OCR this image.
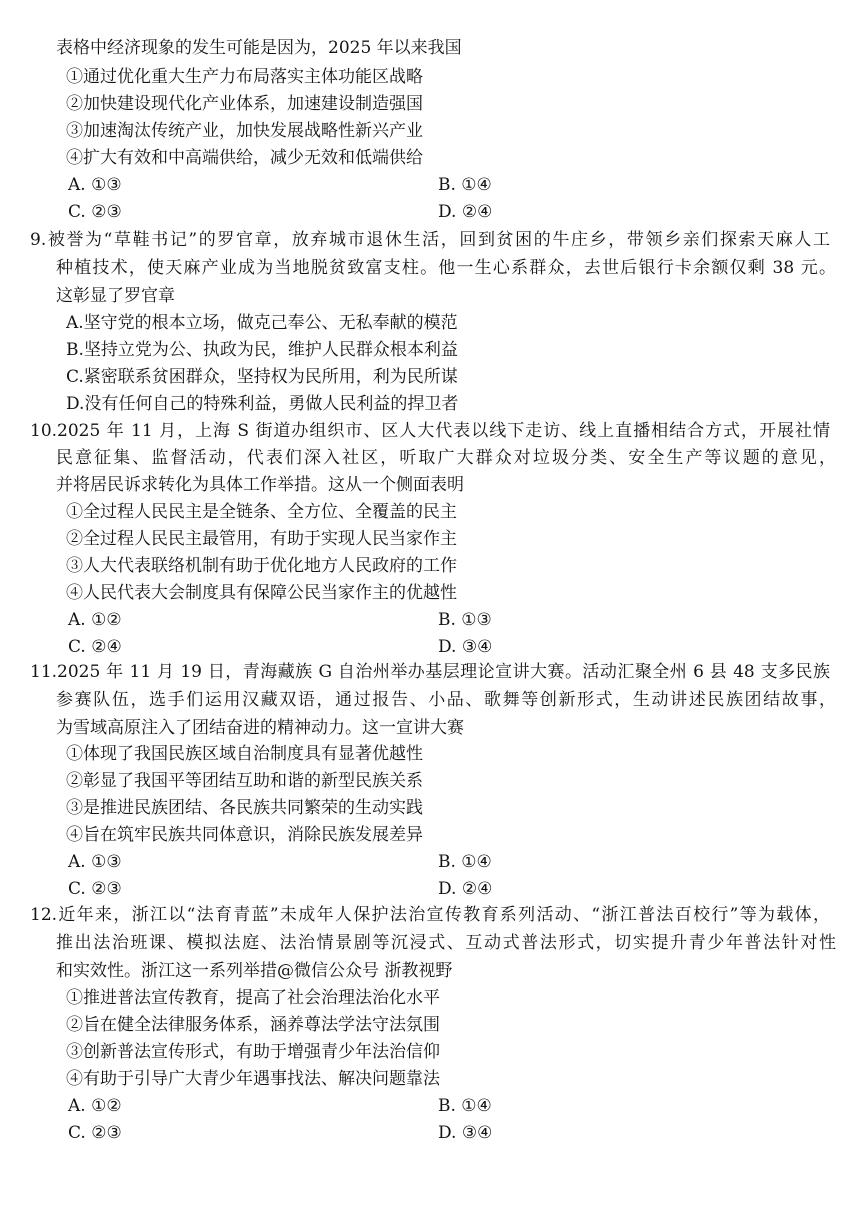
表格中经济现象的发生可能是因为，2025 年以来我国
①通过优化重大生产力布局落实主体功能区战略
②加快建设现代化产业体系，加速建设制造强国
③加速淘汰传统产业，加快发展战略性新兴产业
④扩大有效和中高端供给，减少无效和低端供给
A. ①③	B. ①④
C. ②③	D. ②④
9.被誉为“草鞋书记”的罗官章，放弃城市退休生活，回到贫困的牛庄乡，带领乡亲们探索天麻人工
种植技术，使天麻产业成为当地脱贫致富支柱。他一生心系群众，去世后银行卡余额仅剩 38 元。
这彰显了罗官章
A.坚守党的根本立场，做克己奉公、无私奉献的模范
B.坚持立党为公、执政为民，维护人民群众根本利益
C.紧密联系贫困群众，坚持权为民所用，利为民所谋
D.没有任何自己的特殊利益，勇做人民利益的捍卫者
10.2025 年 11 月，上海 S 街道办组织市、区人大代表以线下走访、线上直播相结合方式，开展社情
民意征集、监督活动，代表们深入社区，听取广大群众对垃圾分类、安全生产等议题的意见，
并将居民诉求转化为具体工作举措。这从一个侧面表明
①全过程人民民主是全链条、全方位、全覆盖的民主
②全过程人民民主最管用，有助于实现人民当家作主
③人大代表联络机制有助于优化地方人民政府的工作
④人民代表大会制度具有保障公民当家作主的优越性
A. ①②	B. ①③
C. ②④	D. ③④
11.2025 年 11 月 19 日，青海藏族 G 自治州举办基层理论宣讲大赛。活动汇聚全州 6 县 48 支多民族
参赛队伍，选手们运用汉藏双语，通过报告、小品、歌舞等创新形式，生动讲述民族团结故事，
为雪域高原注入了团结奋进的精神动力。这一宣讲大赛
①体现了我国民族区域自治制度具有显著优越性
②彰显了我国平等团结互助和谐的新型民族关系
③是推进民族团结、各民族共同繁荣的生动实践
④旨在筑牢民族共同体意识，消除民族发展差异
A. ①③	B. ①④
C. ②③	D. ②④
12.近年来，浙江以“法育青蓝”未成年人保护法治宣传教育系列活动、“浙江普法百校行”等为载体，
推出法治班课、模拟法庭、法治情景剧等沉浸式、互动式普法形式，切实提升青少年普法针对性
和实效性。浙江这一系列举措@微信公众号 浙教视野
①推进普法宣传教育，提高了社会治理法治化水平
②旨在健全法律服务体系，涵养尊法学法守法氛围
③创新普法宣传形式，有助于增强青少年法治信仰
④有助于引导广大青少年遇事找法、解决问题靠法
A. ①②	B. ①④
C. ②③	D. ③④
